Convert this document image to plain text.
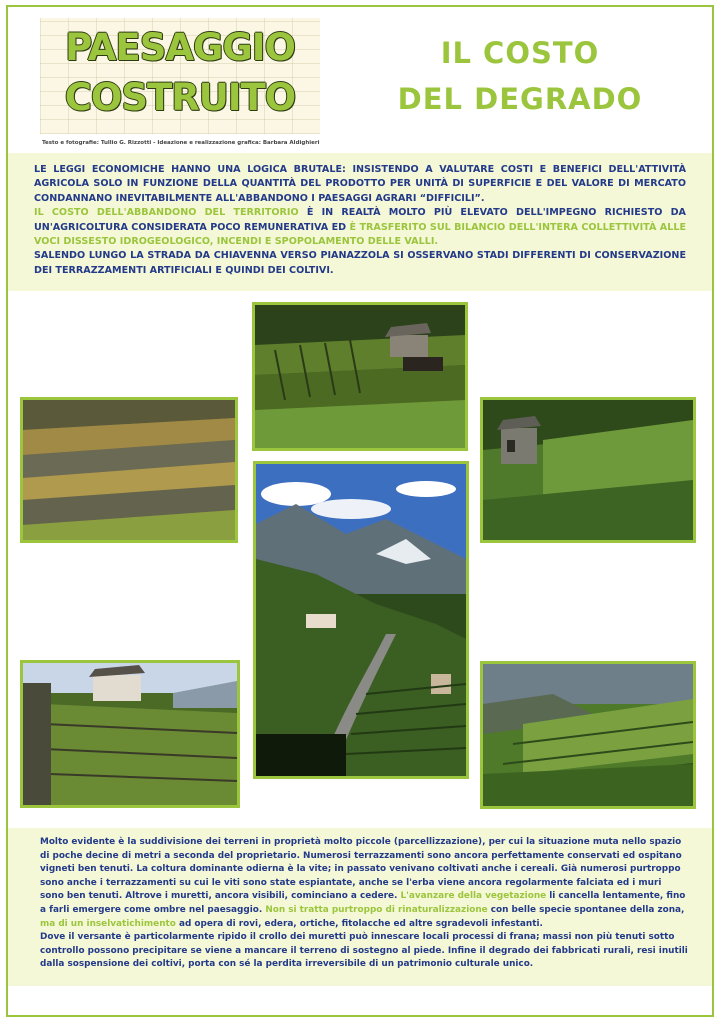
PAESAGGIO
COSTRUITO
Testo e fotografie: Tullio G. Rizzotti - Ideazione e realizzazione grafica: Barbara Aldighieri
IL COSTO
DEL DEGRADO

LE LEGGI ECONOMICHE HANNO UNA LOGICA BRUTALE: INSISTENDO A VALUTARE COSTI E BENEFICI DELL'ATTIVITÀ AGRICOLA SOLO IN FUNZIONE DELLA QUANTITÀ DEL PRODOTTO PER UNITÀ DI SUPERFICIE E DEL VALORE DI MERCATO CONDANNANO INEVITABILMENTE ALL'ABBANDONO I PAESAGGI AGRARI “DIFFICILI”.
IL COSTO DELL'ABBANDONO DEL TERRITORIO È IN REALTÀ MOLTO PIÙ ELEVATO DELL'IMPEGNO RICHIESTO DA UN'AGRICOLTURA CONSIDERATA POCO REMUNERATIVA ED È TRASFERITO SUL BILANCIO DELL'INTERA COLLETTIVITÀ ALLE VOCI DISSESTO IDROGEOLOGICO, INCENDI E SPOPOLAMENTO DELLE VALLI.
SALENDO LUNGO LA STRADA DA CHIAVENNA VERSO PIANAZZOLA SI OSSERVANO STADI DIFFERENTI DI CONSERVAZIONE DEI TERRAZZAMENTI ARTIFICIALI E QUINDI DEI COLTIVI.

Molto evidente è la suddivisione dei terreni in proprietà molto piccole (parcellizzazione), per cui la situazione muta nello spazio di poche decine di metri a seconda del proprietario. Numerosi terrazzamenti sono ancora perfettamente conservati ed ospitano vigneti ben tenuti. La coltura dominante odierna è la vite; in passato venivano coltivati anche i cereali. Già numerosi purtroppo sono anche i terrazzamenti su cui le viti sono state espiantate, anche se l'erba viene ancora regolarmente falciata ed i muri sono ben tenuti. Altrove i muretti, ancora visibili, cominciano a cedere. L'avanzare della vegetazione li cancella lentamente, fino a farli emergere come ombre nel paesaggio. Non si tratta purtroppo di rinaturalizzazione con belle specie spontanee della zona, ma di un inselvatichimento ad opera di rovi, edera, ortiche, fitolacche ed altre sgradevoli infestanti.

Dove il versante è particolarmente ripido il crollo dei muretti può innescare locali processi di frana; massi non più tenuti sotto controllo possono precipitare se viene a mancare il terreno di sostegno al piede. Infine il degrado dei fabbricati rurali, resi inutili dalla sospensione dei coltivi, porta con sé la perdita irreversibile di un patrimonio culturale unico.
